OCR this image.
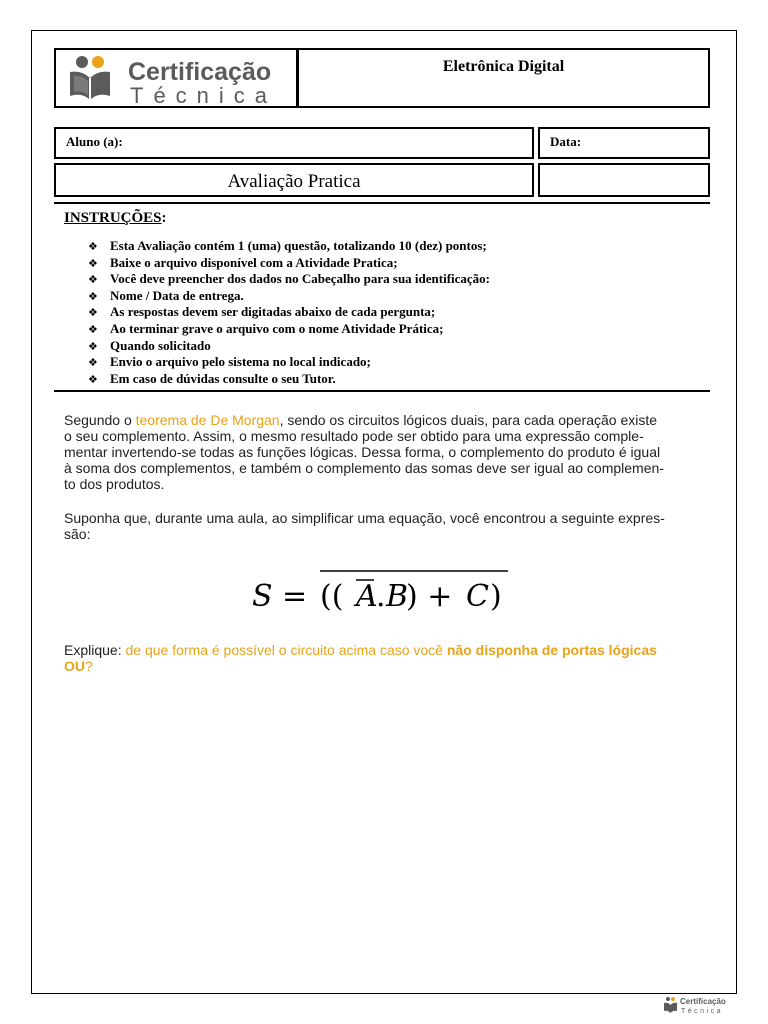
Certificação
Técnica
Eletrônica Digital
Aluno (a):	Data:
Avaliação Pratica
INSTRUÇÕES:
❖ Esta Avaliação contém 1 (uma) questão, totalizando 10 (dez) pontos;
❖ Baixe o arquivo disponível com a Atividade Pratica;
❖ Você deve preencher dos dados no Cabeçalho para sua identificação:
❖ Nome / Data de entrega.
❖ As respostas devem ser digitadas abaixo de cada pergunta;
❖ Ao terminar grave o arquivo com o nome Atividade Prática;
❖ Quando solicitado
❖ Envio o arquivo pelo sistema no local indicado;
❖ Em caso de dúvidas consulte o seu Tutor.
Segundo o teorema de De Morgan, sendo os circuitos lógicos duais, para cada operação existe
o seu complemento. Assim, o mesmo resultado pode ser obtido para uma expressão comple-
mentar invertendo-se todas as funções lógicas. Dessa forma, o complemento do produto é igual
à soma dos complementos, e também o complemento das somas deve ser igual ao complemen-
to dos produtos.
Suponha que, durante uma aula, ao simplificar uma equação, você encontrou a seguinte expres-
são:
S = (( A
. B
) + C )
Explique: de que forma é possível o circuito acima caso você não disponha de portas lógicas
OU?
Certificação
Técnica
